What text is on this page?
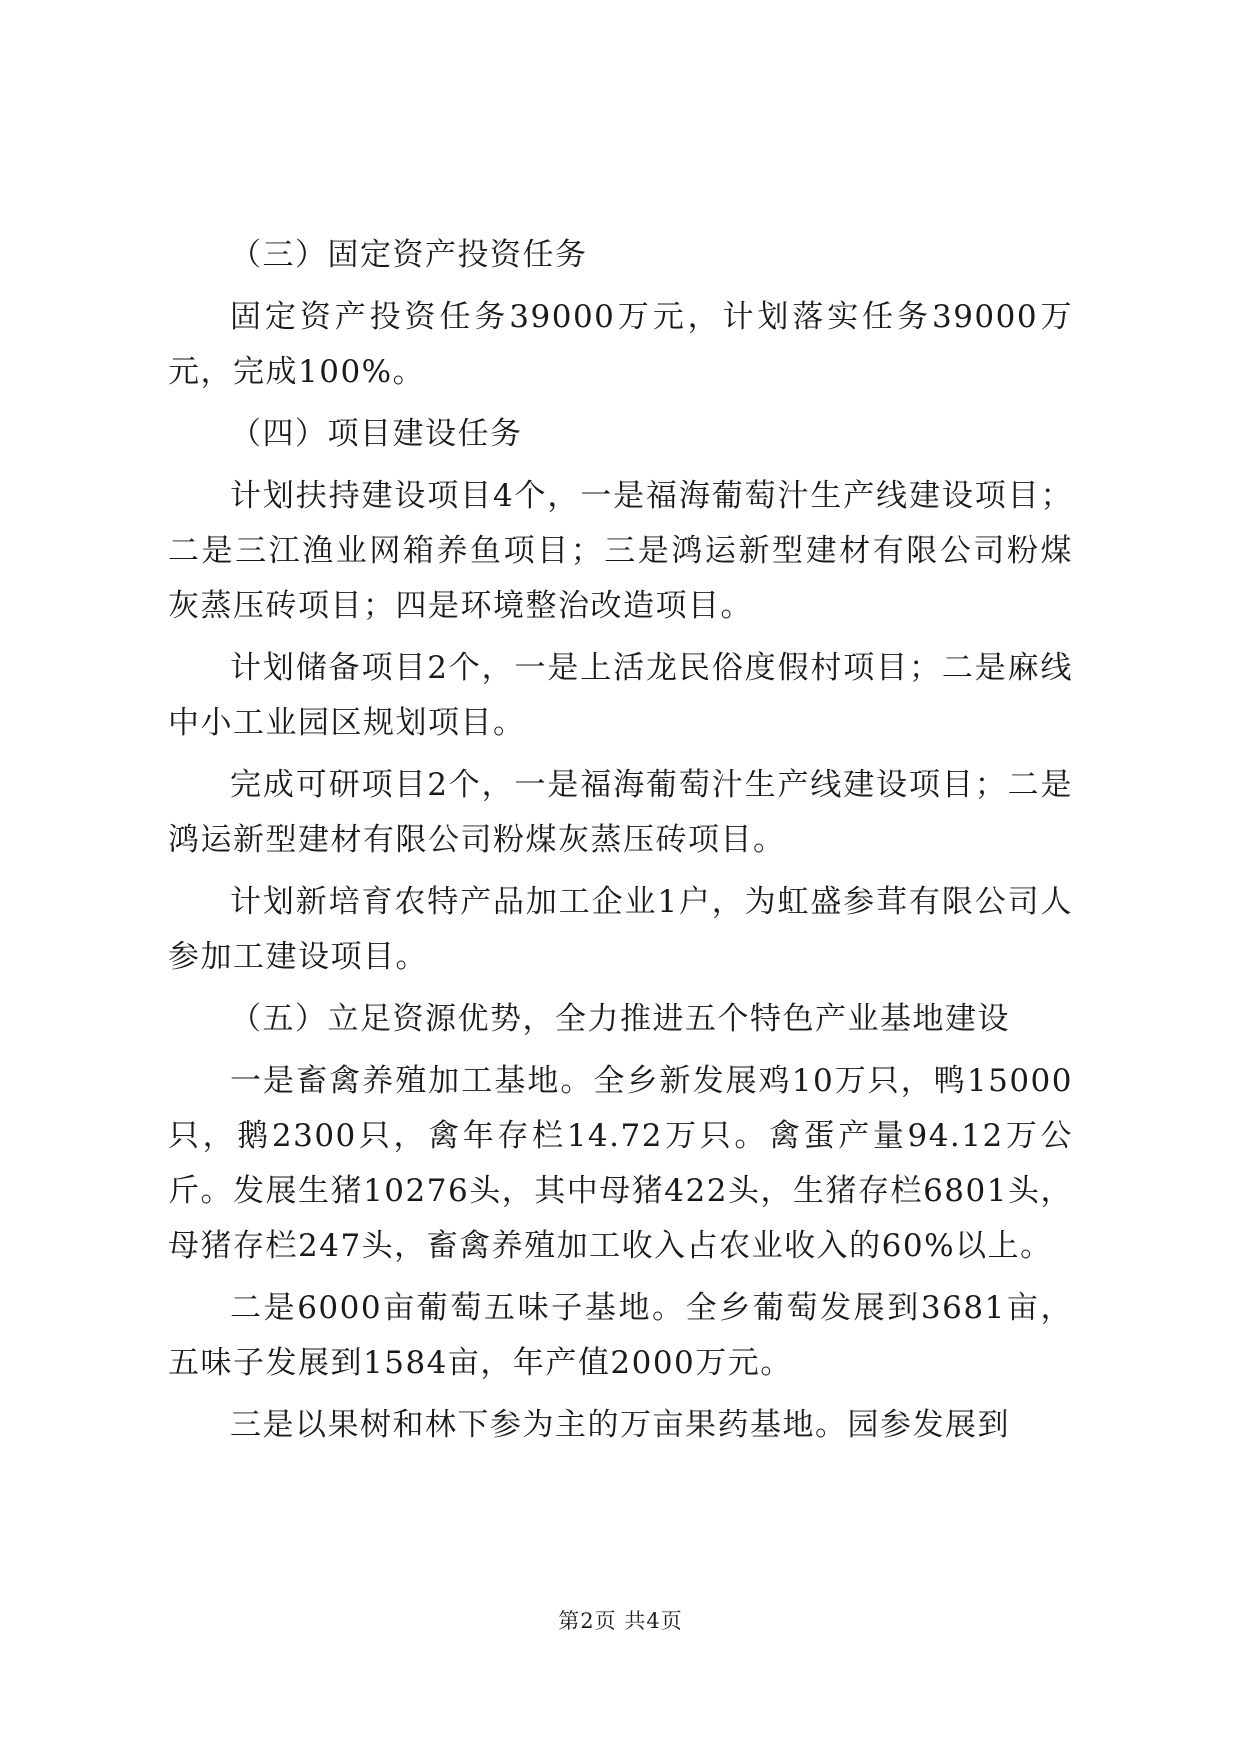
（三）固定资产投资任务

固定资产投资任务39000万元，计划落实任务39000万元，完成100%。

（四）项目建设任务

计划扶持建设项目4个，一是福海葡萄汁生产线建设项目；二是三江渔业网箱养鱼项目；三是鸿运新型建材有限公司粉煤灰蒸压砖项目；四是环境整治改造项目。

计划储备项目2个，一是上活龙民俗度假村项目；二是麻线中小工业园区规划项目。

完成可研项目2个，一是福海葡萄汁生产线建设项目；二是鸿运新型建材有限公司粉煤灰蒸压砖项目。

计划新培育农特产品加工企业1户，为虹盛参茸有限公司人参加工建设项目。

（五）立足资源优势，全力推进五个特色产业基地建设

一是畜禽养殖加工基地。全乡新发展鸡10万只，鸭15000只，鹅2300只，禽年存栏14.72万只。禽蛋产量94.12万公斤。发展生猪10276头，其中母猪422头，生猪存栏6801头，母猪存栏247头，畜禽养殖加工收入占农业收入的60%以上。

二是6000亩葡萄五味子基地。全乡葡萄发展到3681亩，五味子发展到1584亩，年产值2000万元。

三是以果树和林下参为主的万亩果药基地。园参发展到

第2页 共4页
